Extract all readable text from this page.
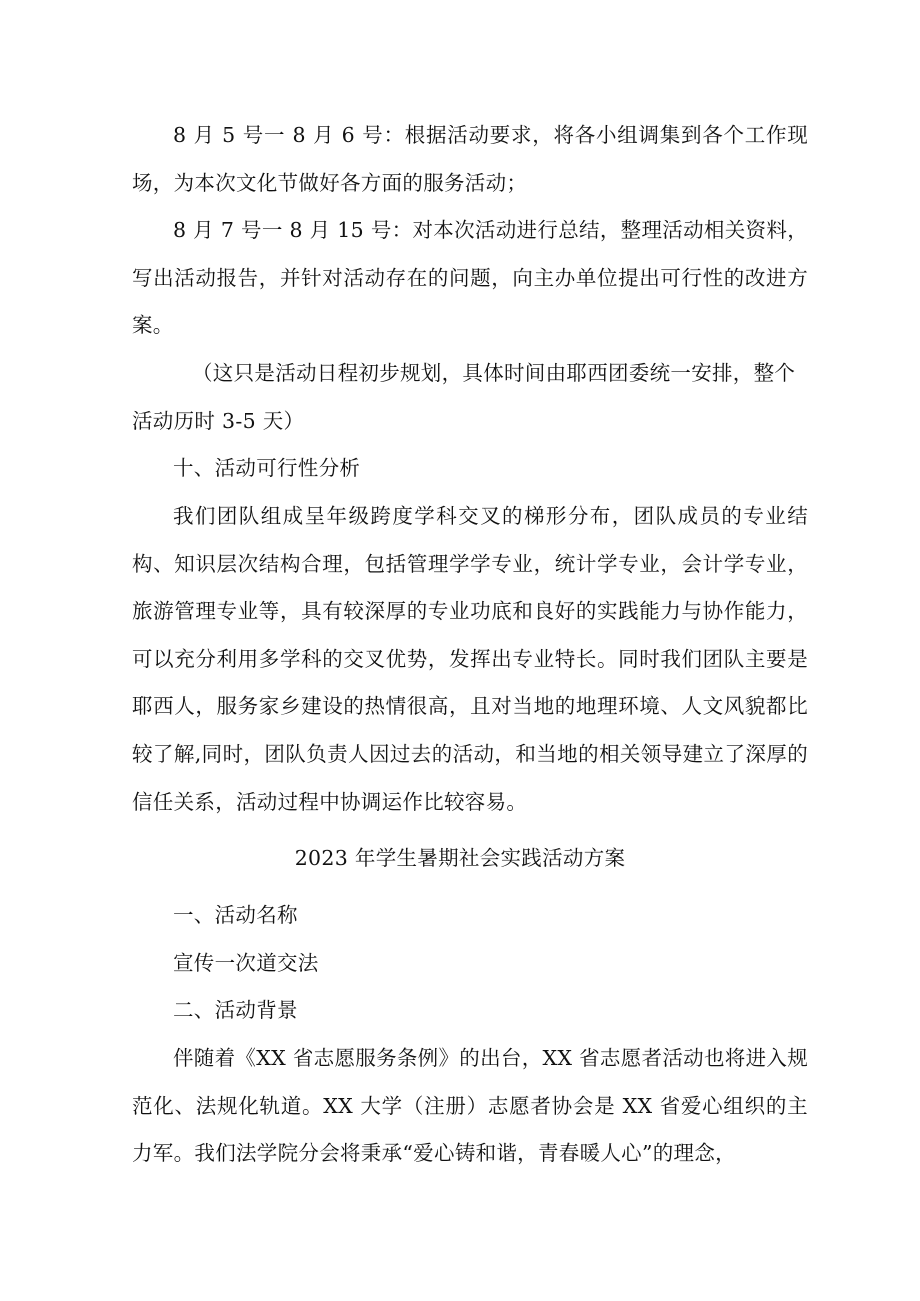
8 月 5 号一 8 月 6 号：根据活动要求，将各小组调集到各个工作现场，为本次文化节做好各方面的服务活动；

8 月 7 号一 8 月 15 号：对本次活动进行总结，整理活动相关资料，写出活动报告，并针对活动存在的问题，向主办单位提出可行性的改进方案。

（这只是活动日程初步规划，具体时间由耶西团委统一安排，整个活动历时 3-5 天）

十、活动可行性分析

我们团队组成呈年级跨度学科交叉的梯形分布，团队成员的专业结构、知识层次结构合理，包括管理学学专业，统计学专业，会计学专业，旅游管理专业等，具有较深厚的专业功底和良好的实践能力与协作能力，可以充分利用多学科的交叉优势，发挥出专业特长。同时我们团队主要是耶西人，服务家乡建设的热情很高，且对当地的地理环境、人文风貌都比较了解,同时，团队负责人因过去的活动，和当地的相关领导建立了深厚的信任关系，活动过程中协调运作比较容易。

2023 年学生暑期社会实践活动方案

一、活动名称

宣传一次道交法

二、活动背景

伴随着《XX 省志愿服务条例》的出台，XX 省志愿者活动也将进入规范化、法规化轨道。XX 大学（注册）志愿者协会是 XX 省爱心组织的主力军。我们法学院分会将秉承“爱心铸和谐，青春暖人心”的理念，
